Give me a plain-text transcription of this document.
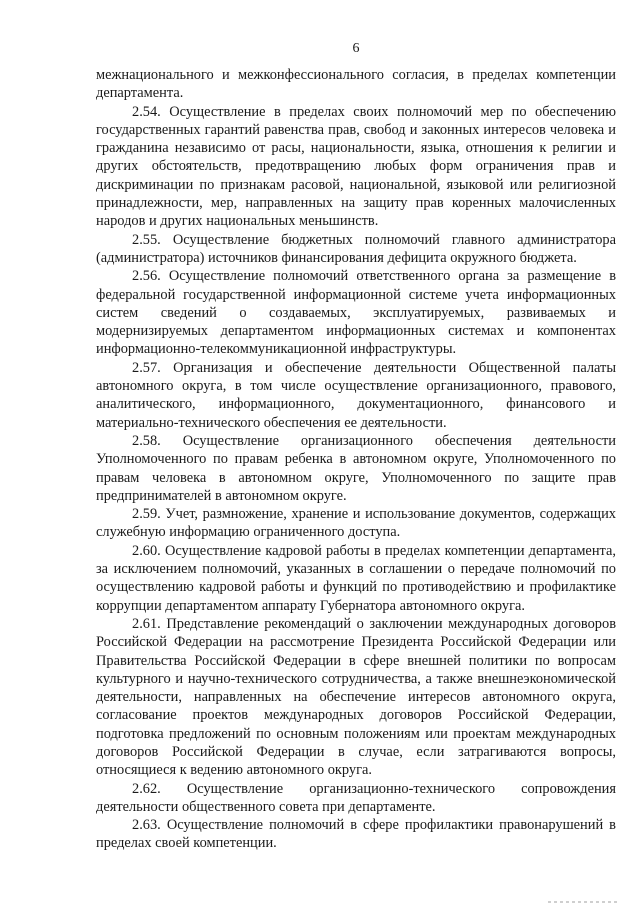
6

межнационального и межконфессионального согласия, в пределах компетенции департамента.

2.54. Осуществление в пределах своих полномочий мер по обеспечению государственных гарантий равенства прав, свобод и законных интересов человека и гражданина независимо от расы, национальности, языка, отношения к религии и других обстоятельств, предотвращению любых форм ограничения прав и дискриминации по признакам расовой, национальной, языковой или религиозной принадлежности, мер, направленных на защиту прав коренных малочисленных народов и других национальных меньшинств.

2.55. Осуществление бюджетных полномочий главного администратора (администратора) источников финансирования дефицита окружного бюджета.

2.56. Осуществление полномочий ответственного органа за размещение в федеральной государственной информационной системе учета информационных систем сведений о создаваемых, эксплуатируемых, развиваемых и модернизируемых департаментом информационных системах и компонентах информационно-телекоммуникационной инфраструктуры.

2.57. Организация и обеспечение деятельности Общественной палаты автономного округа, в том числе осуществление организационного, правового, аналитического, информационного, документационного, финансового и материально-технического обеспечения ее деятельности.

2.58. Осуществление организационного обеспечения деятельности Уполномоченного по правам ребенка в автономном округе, Уполномоченного по правам человека в автономном округе, Уполномоченного по защите прав предпринимателей в автономном округе.

2.59. Учет, размножение, хранение и использование документов, содержащих служебную информацию ограниченного доступа.

2.60. Осуществление кадровой работы в пределах компетенции департамента, за исключением полномочий, указанных в соглашении о передаче полномочий по осуществлению кадровой работы и функций по противодействию и профилактике коррупции департаментом аппарату Губернатора автономного округа.

2.61. Представление рекомендаций о заключении международных договоров Российской Федерации на рассмотрение Президента Российской Федерации или Правительства Российской Федерации в сфере внешней политики по вопросам культурного и научно-технического сотрудничества, а также внешнеэкономической деятельности, направленных на обеспечение интересов автономного округа, согласование проектов международных договоров Российской Федерации, подготовка предложений по основным положениям или проектам международных договоров Российской Федерации в случае, если затрагиваются вопросы, относящиеся к ведению автономного округа.

2.62. Осуществление организационно-технического сопровождения деятельности общественного совета при департаменте.

2.63. Осуществление полномочий в сфере профилактики правонарушений в пределах своей компетенции.
